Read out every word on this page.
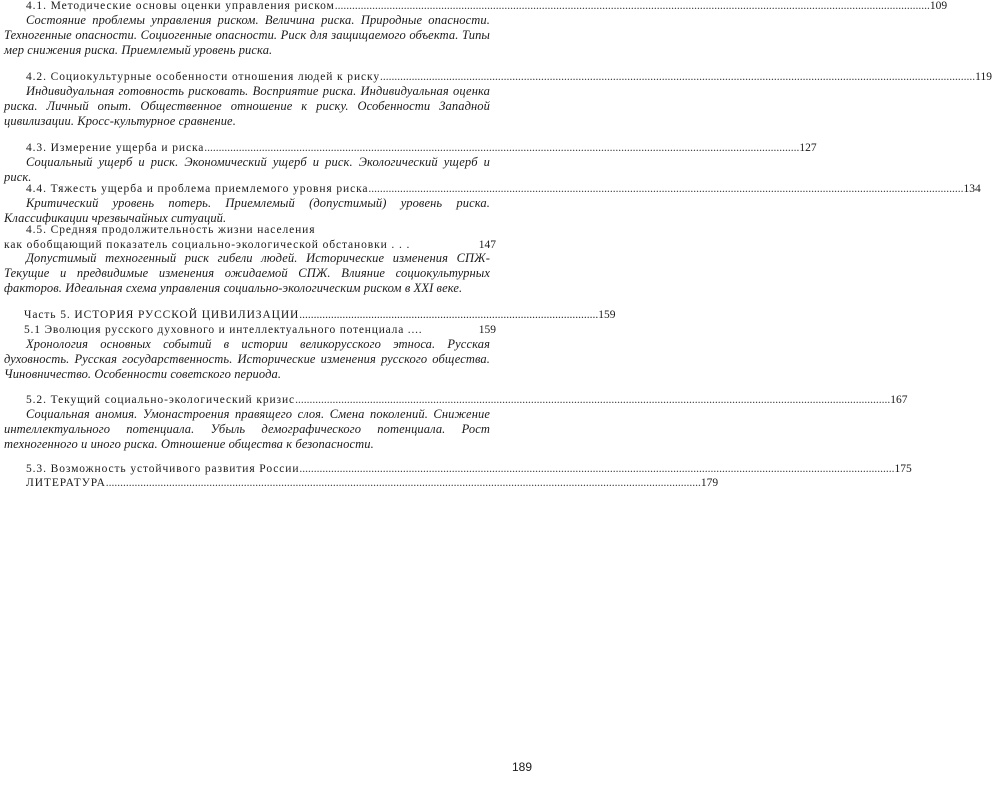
4.1. Методические основы оценки управления риском .....	109
Состояние проблемы управления риском. Величина риска. Природные опасности. Техногенные опасности. Социогенные опасности. Риск для защищаемого объекта. Типы мер снижения риска. Приемлемый уровень риска.
4.2. Социокультурные особенности отношения людей к риску .....	119
Индивидуальная готовность рисковать. Восприятие риска. Индивидуальная оценка риска. Личный опыт. Общественное отношение к риску. Особенности Западной цивилизации. Кросс-культурное сравнение.
4.3. Измерение ущерба и риска .....	127
Социальный ущерб и риск. Экономический ущерб и риск. Экологический ущерб и риск.
4.4. Тяжесть ущерба и проблема приемлемого уровня риска .....	134
Критический уровень потерь. Приемлемый (допустимый) уровень риска. Классификации чрезвычайных ситуаций.
4.5. Средняя продолжительность жизни населения
как обобщающий показатель социально-экологической обстановки . . .	147
Допустимый техногенный риск гибели людей. Исторические изменения СПЖ- Текущие и предвидимые изменения ожидаемой СПЖ. Влияние социокультурных факторов. Идеальная схема управления социально-экологическим риском в XXI веке.
Часть 5. ИСТОРИЯ РУССКОЙ ЦИВИЛИЗАЦИИ ........................................................................................................ 159
5.1 Эволюция русского духовного и интеллектуального потенциала ....	159
Хронология основных событий в истории великорусского этноса. Русская духовность. Русская государственность. Исторические изменения русского общества. Чиновничество. Особенности советского периода.
5.2. Текущий социально-экологический кризис .....	167
Социальная аномия. Умонастроения правящего слоя. Смена поколений. Снижение интеллектуального потенциала. Убыль демографического потенциала. Рост техногенного и иного риска. Отношение общества к безопасности.
5.3. Возможность устойчивого развития России .....	175
ЛИТЕРАТУРА .....	179
189
